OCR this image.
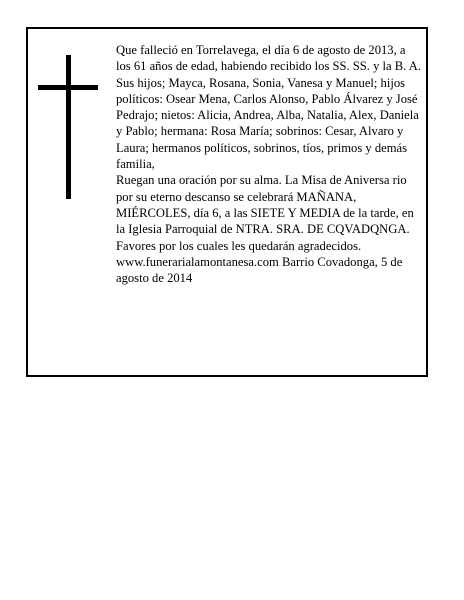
Que falleció en Torrelavega, el día 6 de agosto de 2013, a los 61 años de edad, habiendo recibido los SS. SS. y la B. A.

Sus hijos; Mayca, Rosana, Sonia, Vanesa y Manuel; hijos políticos: Osear Mena, Carlos Alonso, Pablo Álvarez y José Pedrajo; nietos: Alicia, Andrea, Alba, Natalia, Alex, Daniela y Pablo; hermana: Rosa María; sobrinos: Cesar, Alvaro y Laura; hermanos políticos, sobrinos, tíos, primos y demás familia,

Ruegan una oración por su alma. La Misa de Aniversa rio por su eterno descanso se celebrará MAÑANA, MIÉRCOLES, día 6, a las SIETE Y MEDIA de la tarde, en la Iglesia Parroquial de NTRA. SRA. DE CQVADQNGA. Favores por los cuales les quedarán agradecidos.

www.funerarialamontanesa.com Barrio Covadonga, 5 de agosto de 2014
